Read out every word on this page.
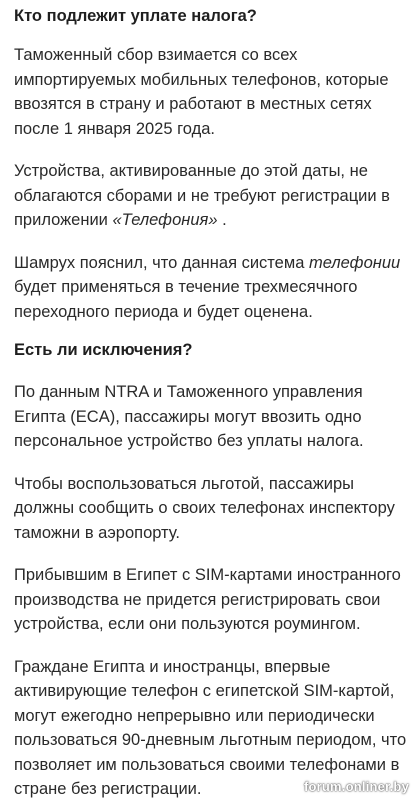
Кто подлежит уплате налога?

Таможенный сбор взимается со всех импортируемых мобильных телефонов, которые ввозятся в страну и работают в местных сетях после 1 января 2025 года.

Устройства, активированные до этой даты, не облагаются сборами и не требуют регистрации в приложении «Телефония» .

Шамрух пояснил, что данная система телефонии будет применяться в течение трехмесячного переходного периода и будет оценена.

Есть ли исключения?

По данным NTRA и Таможенного управления Египта (ECA), пассажиры могут ввозить одно персональное устройство без уплаты налога.

Чтобы воспользоваться льготой, пассажиры должны сообщить о своих телефонах инспектору таможни в аэропорту.

Прибывшим в Египет с SIM-картами иностранного производства не придется регистрировать свои устройства, если они пользуются роумингом.

Граждане Египта и иностранцы, впервые активирующие телефон с египетской SIM-картой, могут ежегодно непрерывно или периодически пользоваться 90-дневным льготным периодом, что позволяет им пользоваться своими телефонами в стране без регистрации.	forum.onliner.by
